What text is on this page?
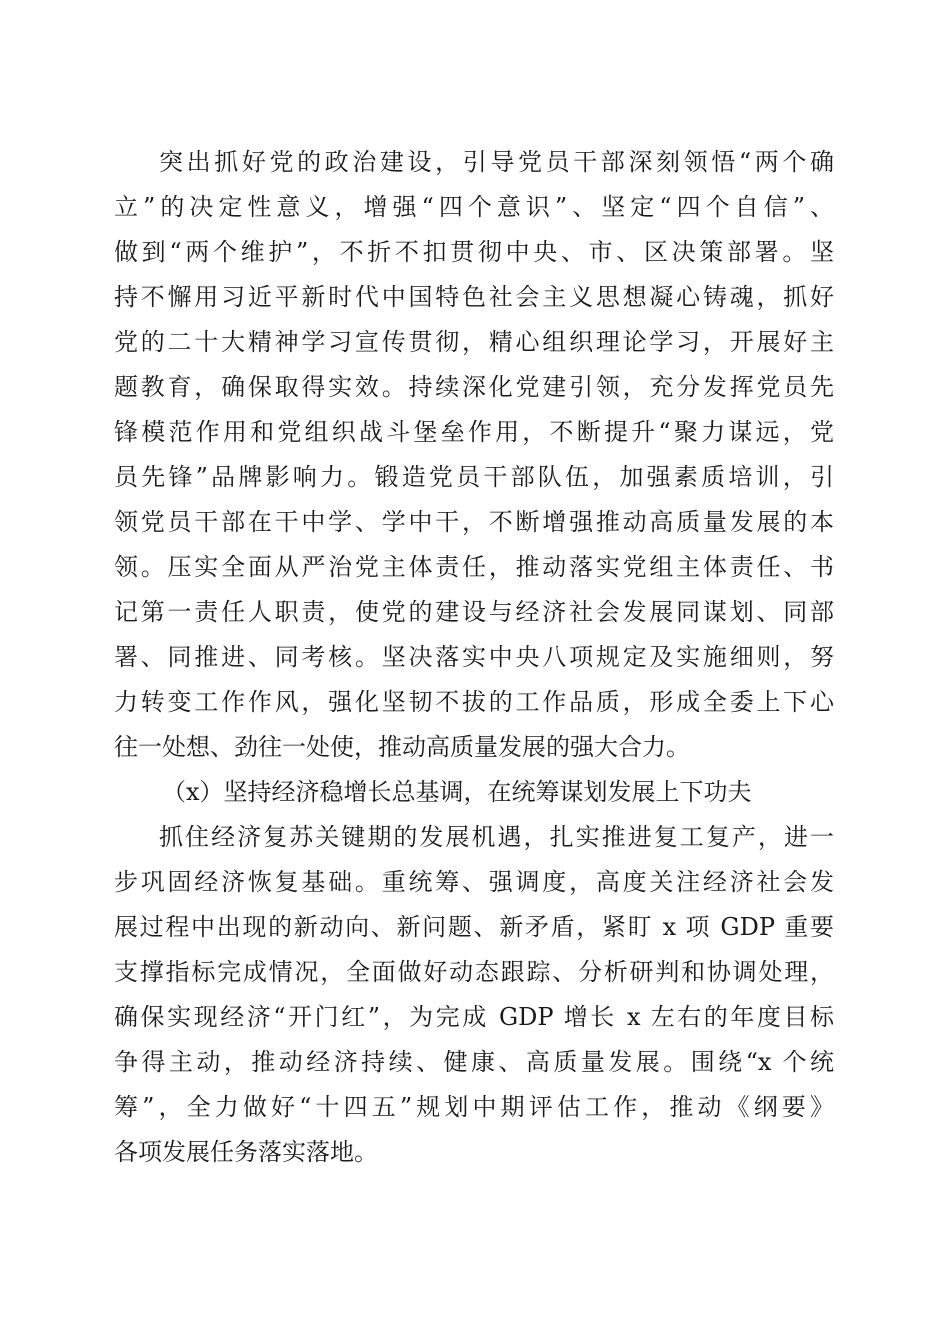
突出抓好党的政治建设，引导党员干部深刻领悟“两个确
立”的决定性意义，增强“四个意识”、坚定“四个自信”、
做到“两个维护”，不折不扣贯彻中央、市、区决策部署。坚
持不懈用习近平新时代中国特色社会主义思想凝心铸魂，抓好
党的二十大精神学习宣传贯彻，精心组织理论学习，开展好主
题教育，确保取得实效。持续深化党建引领，充分发挥党员先
锋模范作用和党组织战斗堡垒作用，不断提升“聚力谋远，党
员先锋”品牌影响力。锻造党员干部队伍，加强素质培训，引
领党员干部在干中学、学中干，不断增强推动高质量发展的本
领。压实全面从严治党主体责任，推动落实党组主体责任、书
记第一责任人职责，使党的建设与经济社会发展同谋划、同部
署、同推进、同考核。坚决落实中央八项规定及实施细则，努
力转变工作作风，强化坚韧不拔的工作品质，形成全委上下心
往一处想、劲往一处使，推动高质量发展的强大合力。
（x）坚持经济稳增长总基调，在统筹谋划发展上下功夫
抓住经济复苏关键期的发展机遇，扎实推进复工复产，进一
步巩固经济恢复基础。重统筹、强调度，高度关注经济社会发
展过程中出现的新动向、新问题、新矛盾，紧盯 x 项 GDP 重要
支撑指标完成情况，全面做好动态跟踪、分析研判和协调处理，
确保实现经济“开门红”，为完成 GDP 增长 x 左右的年度目标
争得主动，推动经济持续、健康、高质量发展。围绕“x 个统
筹”，全力做好“十四五”规划中期评估工作，推动《纲要》
各项发展任务落实落地。
